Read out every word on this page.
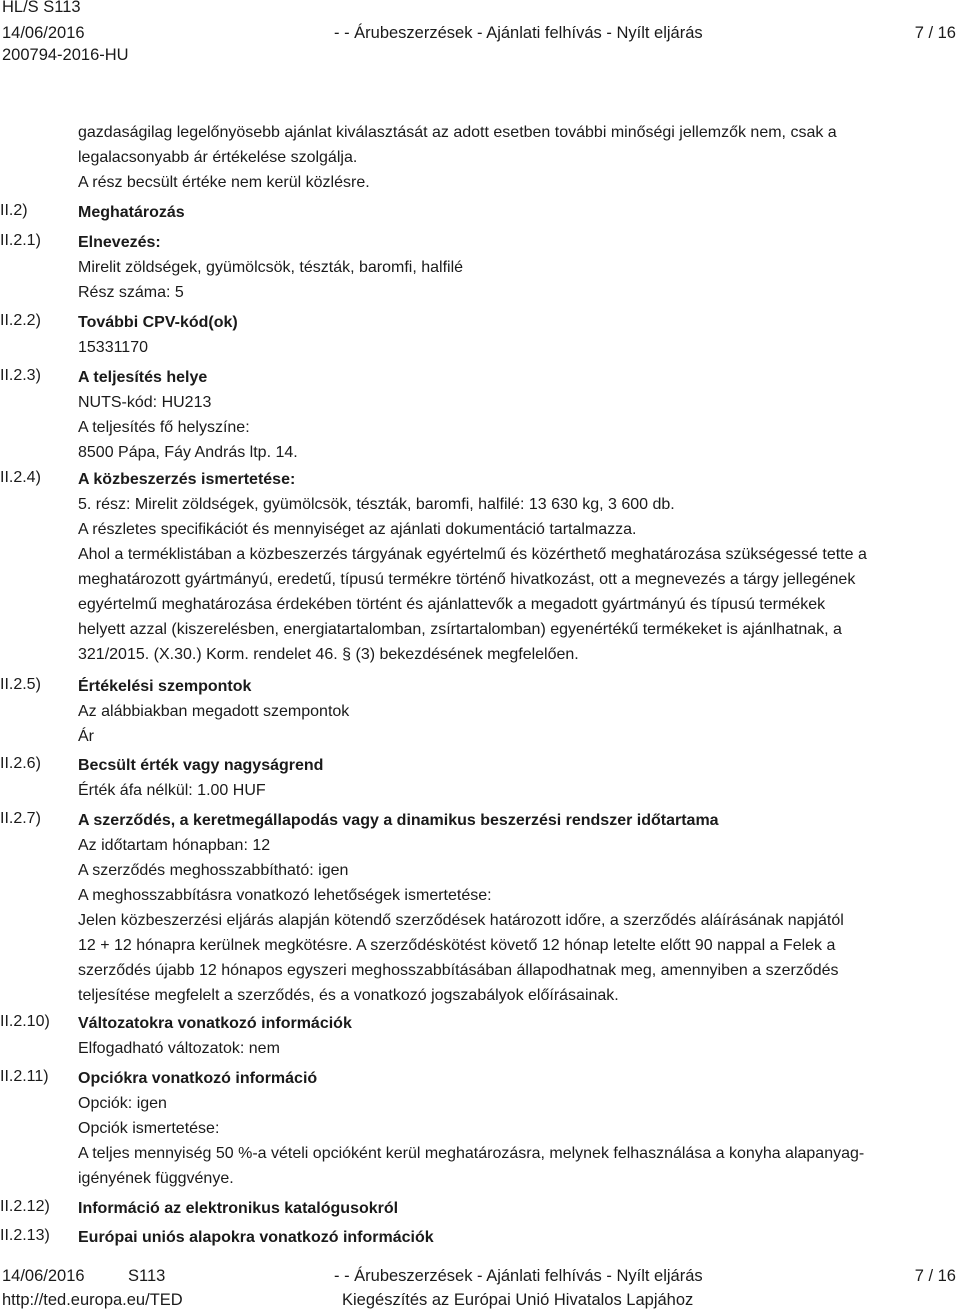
HL/S S113
14/06/2016
200794-2016-HU
- - Árubeszerzések - Ajánlati felhívás - Nyílt eljárás	7 / 16
II.2)
II.2.1)
II.2.2)
II.2.3)
II.2.4)
II.2.5)
II.2.6)
II.2.7)
II.2.10)
II.2.11)
II.2.12)
II.2.13)
gazdaságilag legelőnyösebb ajánlat kiválasztását az adott esetben további minőségi jellemzők nem, csak a
legalacsonyabb ár értékelése szolgálja.
A rész becsült értéke nem kerül közlésre.
Meghatározás
Elnevezés:
Mirelit zöldségek, gyümölcsök, tészták, baromfi, halfilé
Rész száma: 5
További CPV-kód(ok)
15331170
A teljesítés helye
NUTS-kód: HU213
A teljesítés fő helyszíne:
8500 Pápa, Fáy András ltp. 14.
A közbeszerzés ismertetése:
5. rész: Mirelit zöldségek, gyümölcsök, tészták, baromfi, halfilé: 13 630 kg, 3 600 db.
A részletes specifikációt és mennyiséget az ajánlati dokumentáció tartalmazza.
Ahol a terméklistában a közbeszerzés tárgyának egyértelmű és közérthető meghatározása szükségessé tette a
meghatározott gyártmányú, eredetű, típusú termékre történő hivatkozást, ott a megnevezés a tárgy jellegének
egyértelmű meghatározása érdekében történt és ajánlattevők a megadott gyártmányú és típusú termékek
helyett azzal (kiszerelésben, energiatartalomban, zsírtartalomban) egyenértékű termékeket is ajánlhatnak, a
321/2015. (X.30.) Korm. rendelet 46. § (3) bekezdésének megfelelően.
Értékelési szempontok
Az alábbiakban megadott szempontok
Ár
Becsült érték vagy nagyságrend
Érték áfa nélkül: 1.00 HUF
A szerződés, a keretmegállapodás vagy a dinamikus beszerzési rendszer időtartama
Az időtartam hónapban: 12
A szerződés meghosszabbítható: igen
A meghosszabbításra vonatkozó lehetőségek ismertetése:
Jelen közbeszerzési eljárás alapján kötendő szerződések határozott időre, a szerződés aláírásának napjától
12 + 12 hónapra kerülnek megkötésre. A szerződéskötést követő 12 hónap letelte előtt 90 nappal a Felek a
szerződés újabb 12 hónapos egyszeri meghosszabbításában állapodhatnak meg, amennyiben a szerződés
teljesítése megfelelt a szerződés, és a vonatkozó jogszabályok előírásainak.
Változatokra vonatkozó információk
Elfogadható változatok: nem
Opciókra vonatkozó információ
Opciók: igen
Opciók ismertetése:
A teljes mennyiség 50 %-a vételi opcióként kerül meghatározásra, melynek felhasználása a konyha alapanyag-
igényének függvénye.
Információ az elektronikus katalógusokról
Európai uniós alapokra vonatkozó információk
14/06/2016	S113
http://ted.europa.eu/TED
- - Árubeszerzések - Ajánlati felhívás - Nyílt eljárás
Kiegészítés az Európai Unió Hivatalos Lapjához
7 / 16
